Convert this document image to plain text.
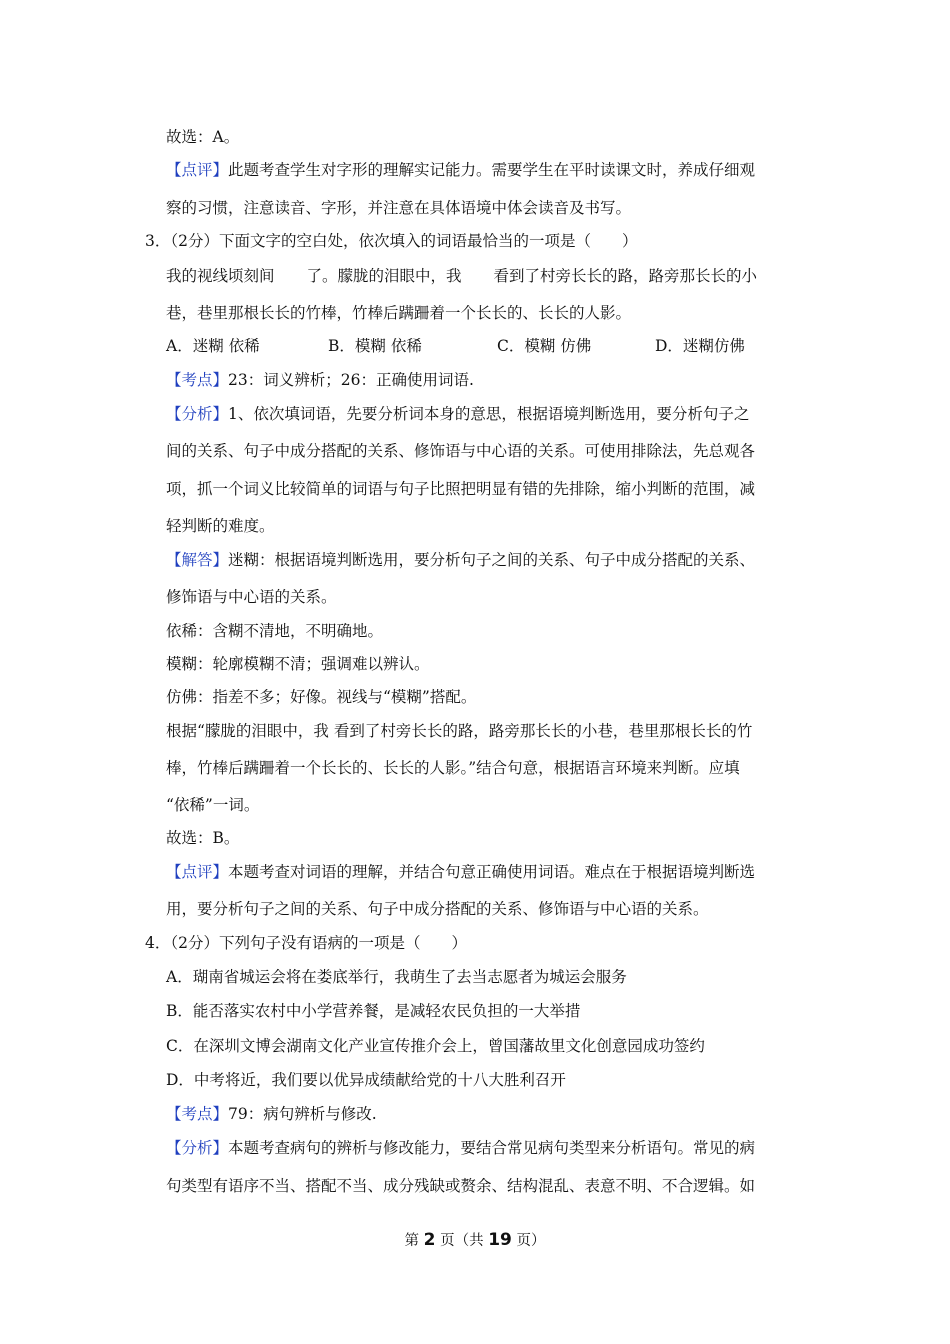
故选：A。
【点评】此题考查学生对字形的理解实记能力。需要学生在平时读课文时，养成仔细观
察的习惯，注意读音、字形，并注意在具体语境中体会读音及书写。
3．（2分）下面文字的空白处，依次填入的词语最恰当的一项是（　　）
我的视线顷刻间 了。朦胧的泪眼中，我 看到了村旁长长的路，路旁那长长的小
巷，巷里那根长长的竹棒，竹棒后蹒跚着一个长长的、长长的人影。
A．迷糊 依稀	B．模糊 依稀	C．模糊 仿佛	D．迷糊仿佛
【考点】23：词义辨析；26：正确使用词语.
【分析】1、依次填词语，先要分析词本身的意思，根据语境判断选用，要分析句子之
间的关系、句子中成分搭配的关系、修饰语与中心语的关系。可使用排除法，先总观各
项，抓一个词义比较简单的词语与句子比照把明显有错的先排除，缩小判断的范围，减
轻判断的难度。
【解答】迷糊：根据语境判断选用，要分析句子之间的关系、句子中成分搭配的关系、
修饰语与中心语的关系。
依稀：含糊不清地，不明确地。
模糊：轮廓模糊不清；强调难以辨认。
仿佛：指差不多；好像。视线与“模糊”搭配。
根据“朦胧的泪眼中，我 看到了村旁长长的路，路旁那长长的小巷，巷里那根长长的竹
棒，竹棒后蹒跚着一个长长的、长长的人影。”结合句意，根据语言环境来判断。应填
“依稀”一词。
故选：B。
【点评】本题考查对词语的理解，并结合句意正确使用词语。难点在于根据语境判断选
用，要分析句子之间的关系、句子中成分搭配的关系、修饰语与中心语的关系。
4．（2分）下列句子没有语病的一项是（　　）
A．瑚南省城运会将在娄底举行，我萌生了去当志愿者为城运会服务
B．能否落实农村中小学营养餐，是减轻农民负担的一大举措
C．在深圳文博会湖南文化产业宣传推介会上，曾国藩故里文化创意园成功签约
D．中考将近，我们要以优异成绩献给党的十八大胜利召开
【考点】79：病句辨析与修改.
【分析】本题考查病句的辨析与修改能力，要结合常见病句类型来分析语句。常见的病
句类型有语序不当、搭配不当、成分残缺或赘余、结构混乱、表意不明、不合逻辑。如
第 2 页（共 19 页）
